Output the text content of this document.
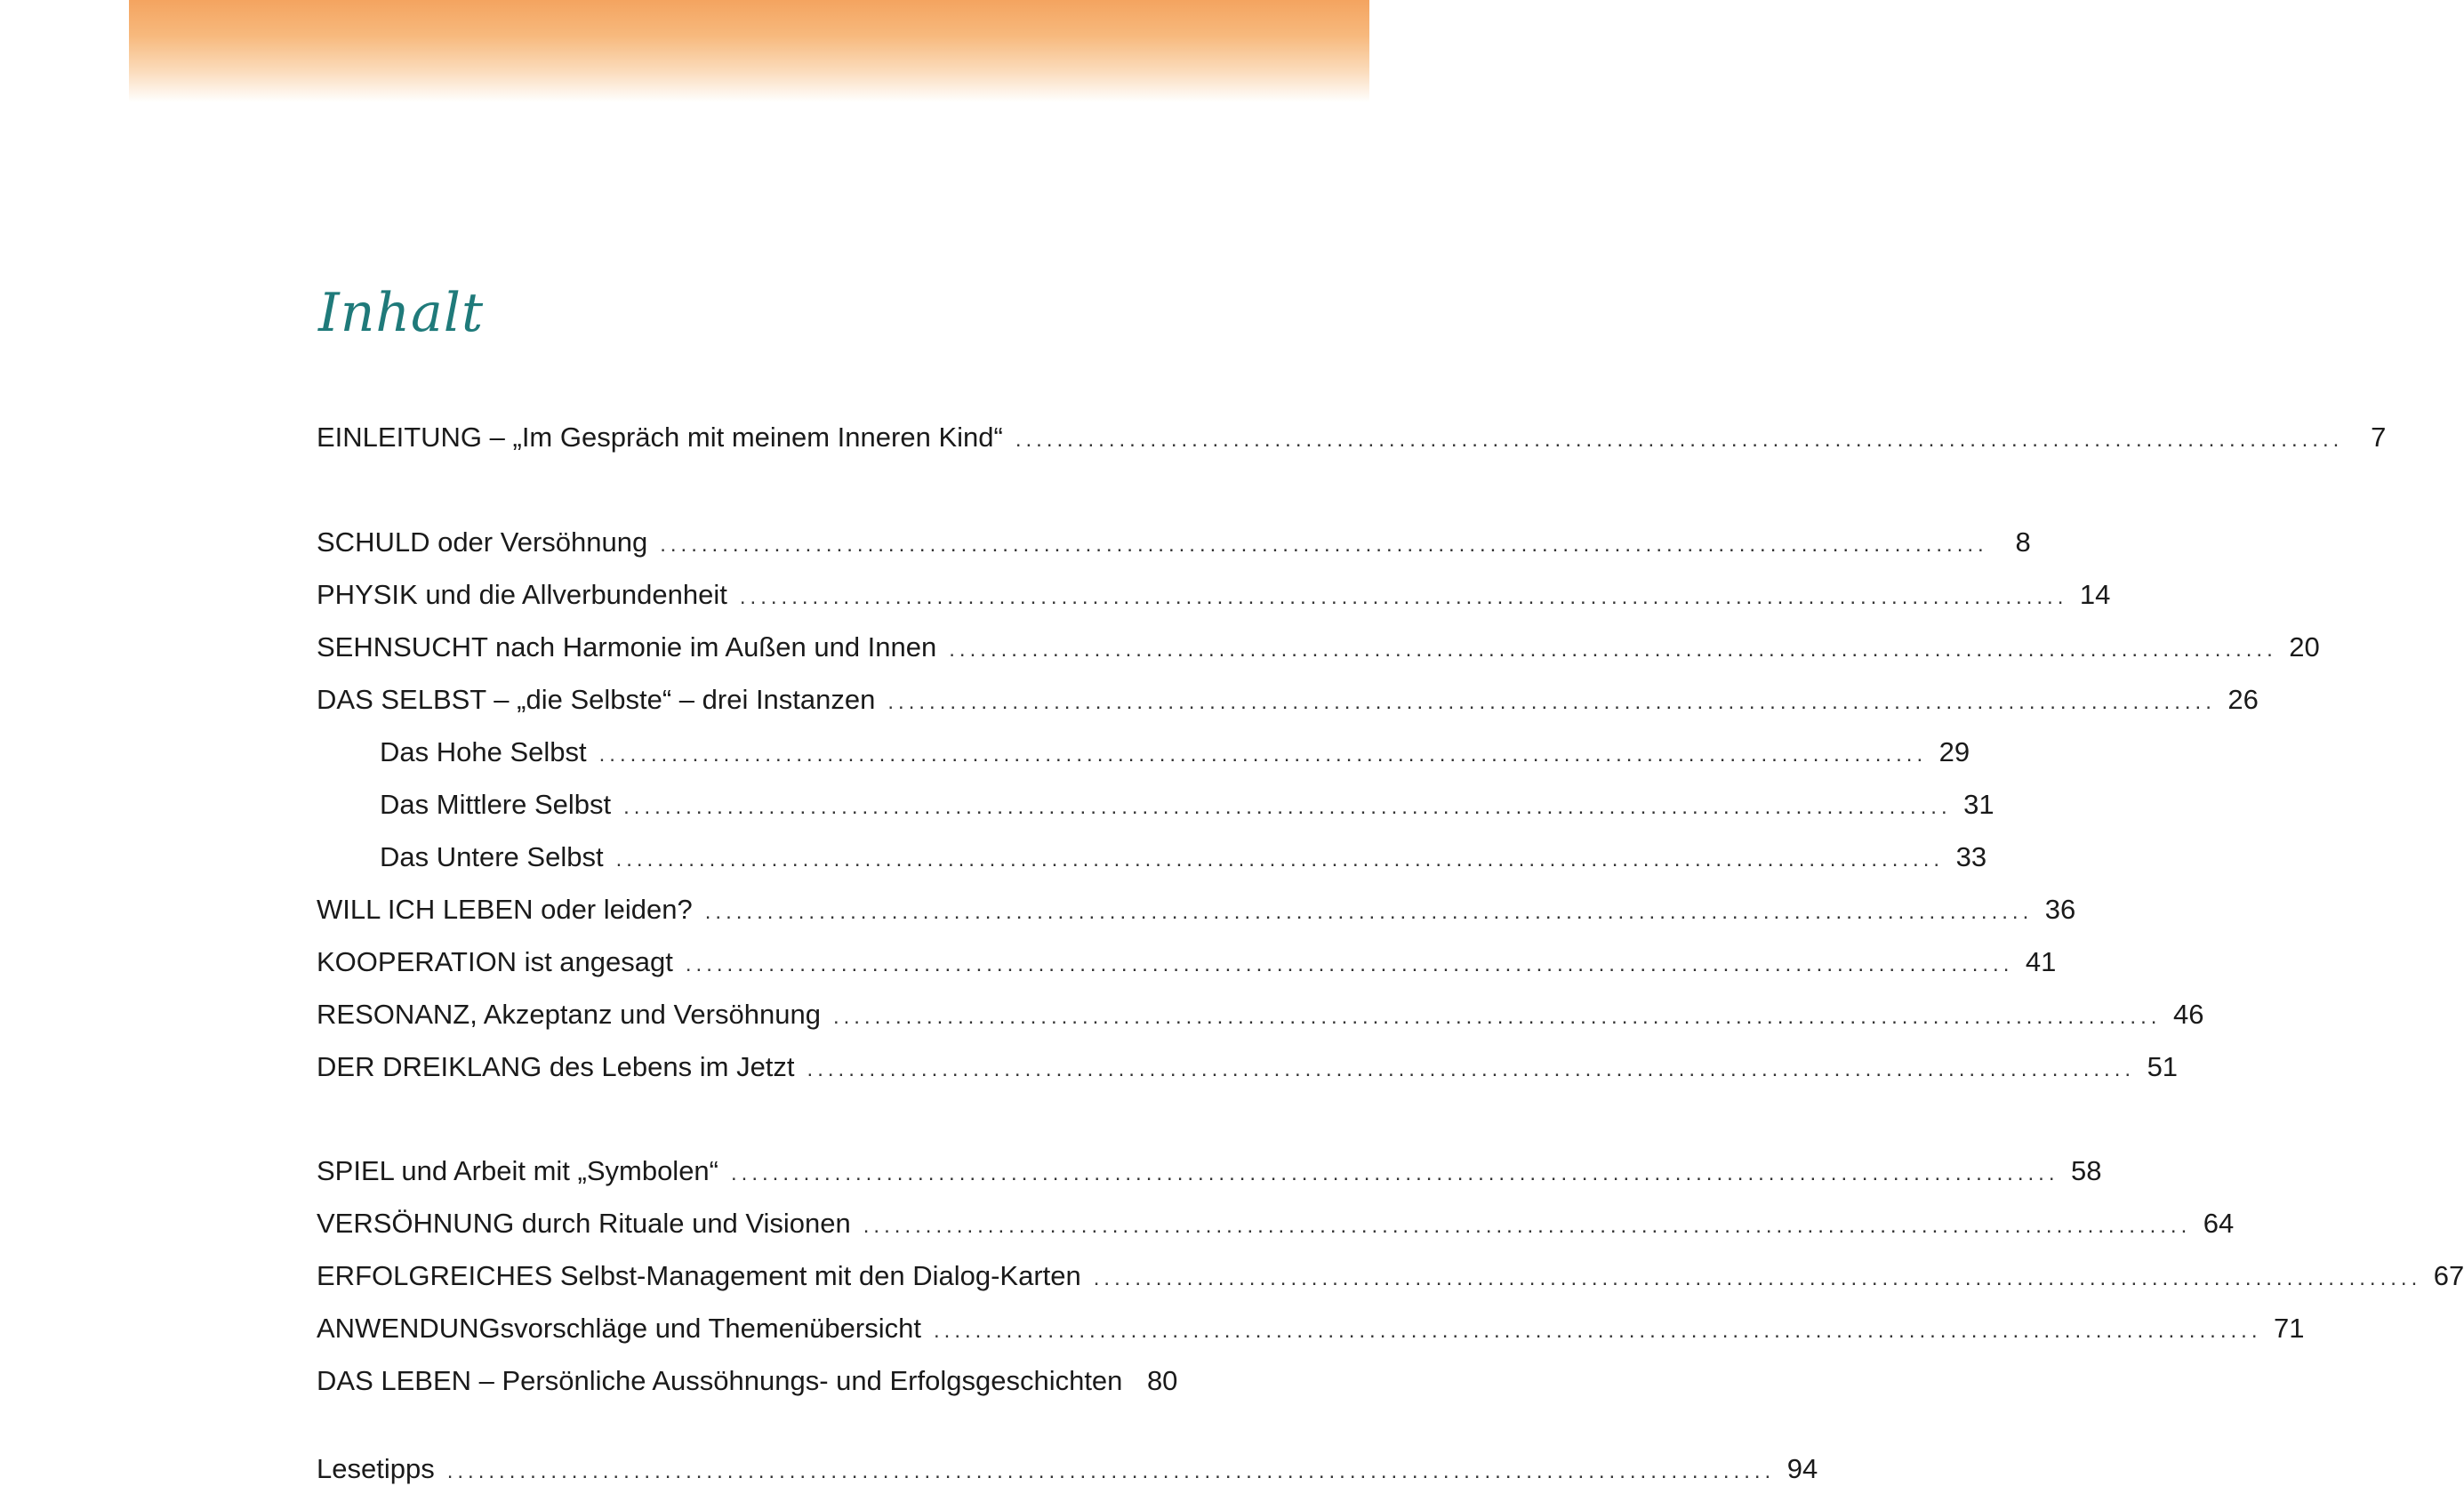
Inhalt
EINLEITUNG – „Im Gespräch mit meinem Inneren Kind“ ................................................................................................................................ 7
SCHULD oder Versöhnung ................................................................................................................................ 8
PHYSIK und die Allverbundenheit ................................................................................................................................ 14
SEHNSUCHT nach Harmonie im Außen und Innen ................................................................................................................................ 20
DAS SELBST – „die Selbste“ – drei Instanzen ................................................................................................................................ 26
Das Hohe Selbst ................................................................................................................................ 29
Das Mittlere Selbst ................................................................................................................................ 31
Das Untere Selbst ................................................................................................................................ 33
WILL ICH LEBEN oder leiden? ................................................................................................................................ 36
KOOPERATION ist angesagt ................................................................................................................................ 41
RESONANZ, Akzeptanz und Versöhnung ................................................................................................................................ 46
DER DREIKLANG des Lebens im Jetzt ................................................................................................................................ 51
SPIEL und Arbeit mit „Symbolen“ ................................................................................................................................ 58
VERSÖHNUNG durch Rituale und Visionen ................................................................................................................................ 64
ERFOLGREICHES Selbst-Management mit den Dialog-Karten ................................................................................................................................ 67
ANWENDUNGsvorschläge und Themenübersicht ................................................................................................................................ 71
DAS LEBEN – Persönliche Aussöhnungs- und Erfolgsgeschichten 80
Lesetipps ................................................................................................................................ 94
